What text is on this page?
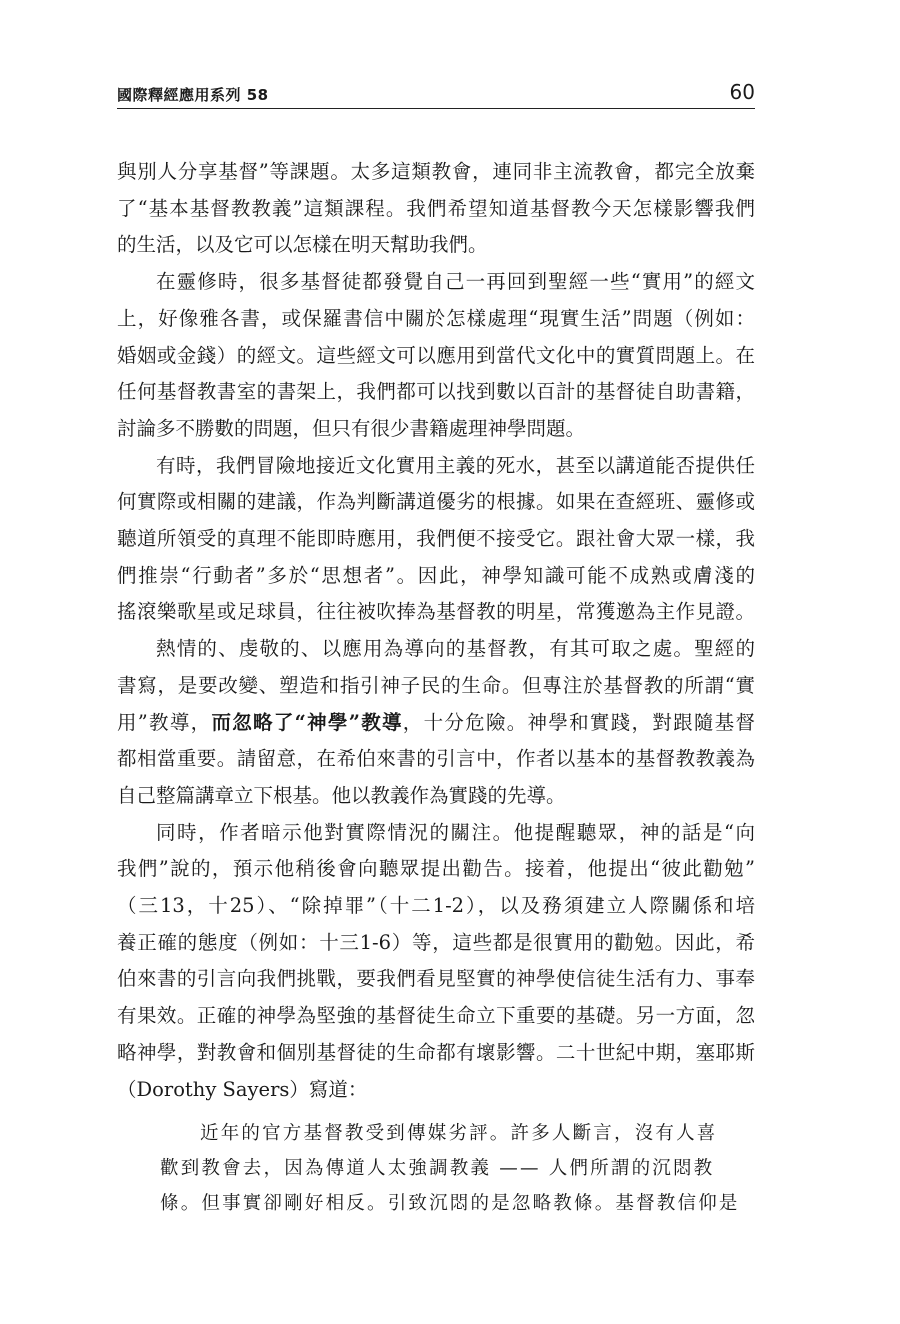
國際釋經應用系列 58	60

與別人分享基督”等課題。太多這類教會，連同非主流教會，都完全放棄
了“基本基督教教義”這類課程。我們希望知道基督教今天怎樣影響我們
的生活，以及它可以怎樣在明天幫助我們。

在靈修時，很多基督徒都發覺自己一再回到聖經一些“實用”的經文
上，好像雅各書，或保羅書信中關於怎樣處理“現實生活”問題（例如：
婚姻或金錢）的經文。這些經文可以應用到當代文化中的實質問題上。在
任何基督教書室的書架上，我們都可以找到數以百計的基督徒自助書籍，
討論多不勝數的問題，但只有很少書籍處理神學問題。

有時，我們冒險地接近文化實用主義的死水，甚至以講道能否提供任
何實際或相關的建議，作為判斷講道優劣的根據。如果在查經班、靈修或
聽道所領受的真理不能即時應用，我們便不接受它。跟社會大眾一樣，我
們推崇“行動者”多於“思想者”。因此，神學知識可能不成熟或膚淺的
搖滾樂歌星或足球員，往往被吹捧為基督教的明星，常獲邀為主作見證。

熱情的、虔敬的、以應用為導向的基督教，有其可取之處。聖經的
書寫，是要改變、塑造和指引神子民的生命。但專注於基督教的所謂“實
用”教導，而忽略了“神學”教導，十分危險。神學和實踐，對跟隨基督
都相當重要。請留意，在希伯來書的引言中，作者以基本的基督教教義為
自己整篇講章立下根基。他以教義作為實踐的先導。

同時，作者暗示他對實際情況的關注。他提醒聽眾，神的話是“向
我們”說的，預示他稍後會向聽眾提出勸告。接着，他提出“彼此勸勉”
（三13，十25）、“除掉罪”（十二1-2），以及務須建立人際關係和培
養正確的態度（例如：十三1-6）等，這些都是很實用的勸勉。因此，希
伯來書的引言向我們挑戰，要我們看見堅實的神學使信徒生活有力、事奉
有果效。正確的神學為堅強的基督徒生命立下重要的基礎。另一方面，忽
略神學，對教會和個別基督徒的生命都有壞影響。二十世紀中期，塞耶斯
（Dorothy Sayers）寫道：

近年的官方基督教受到傳媒劣評。許多人斷言，沒有人喜
歡到教會去，因為傳道人太強調教義 —— 人們所謂的沉悶教
條。但事實卻剛好相反。引致沉悶的是忽略教條。基督教信仰是
